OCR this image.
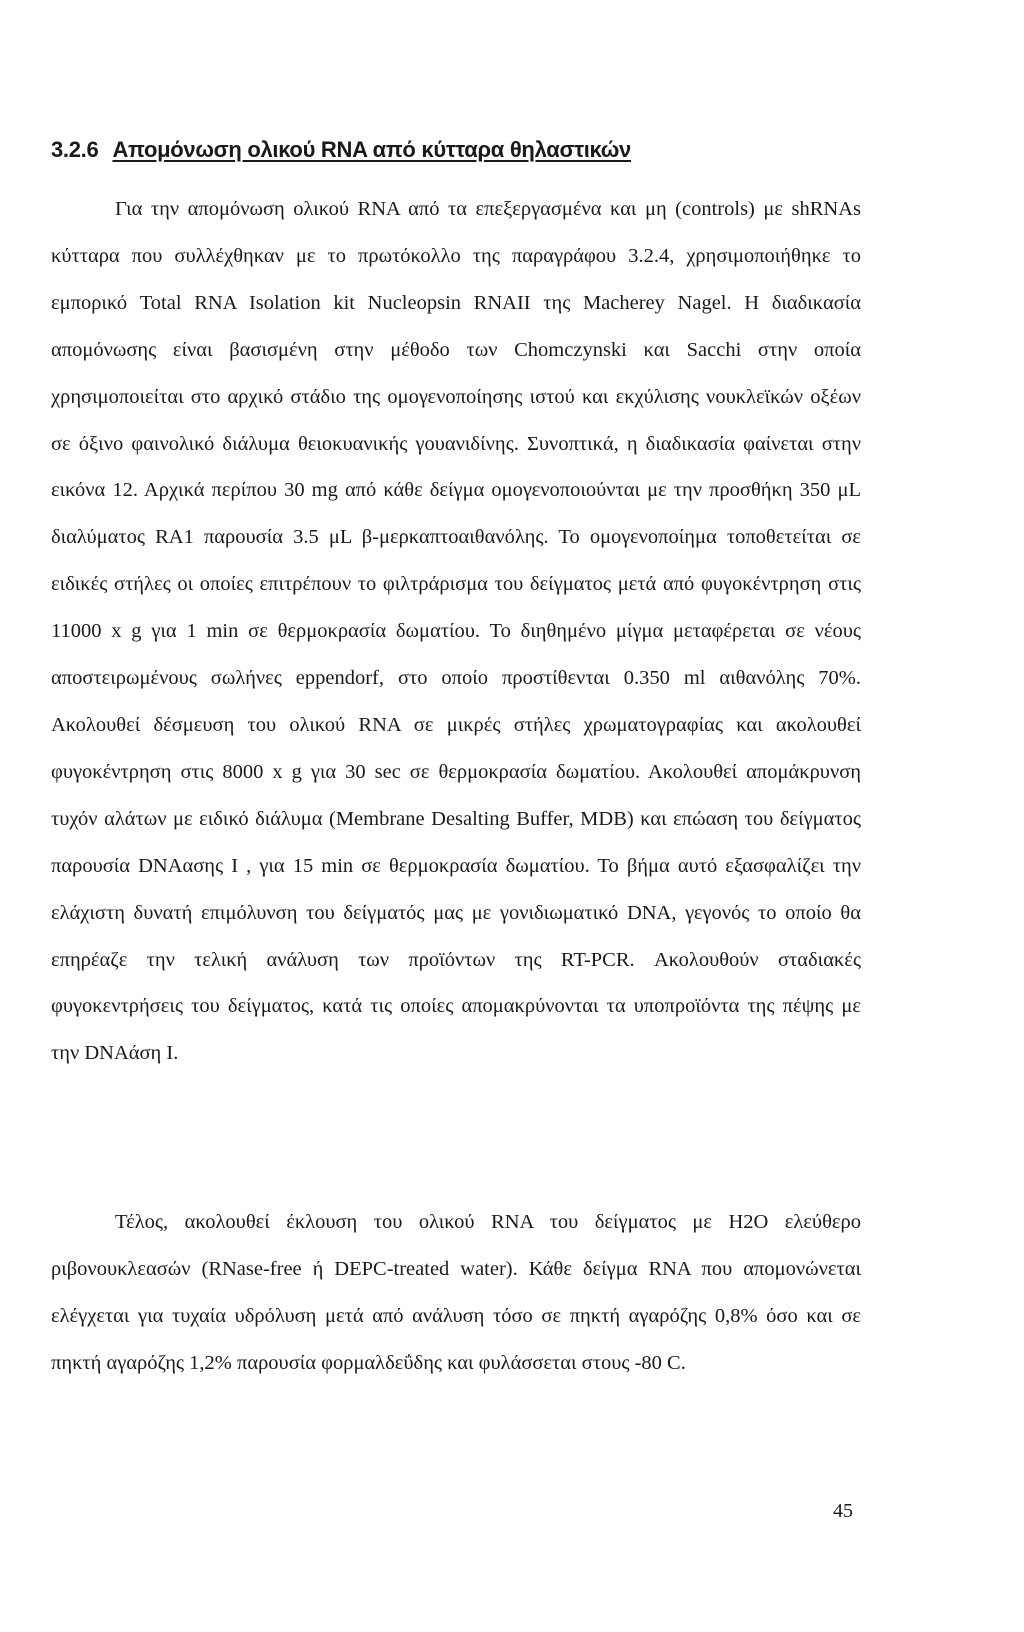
3.2.6 Απομόνωση ολικού RNA από κύτταρα θηλαστικών

Για την απομόνωση ολικού RNA από τα επεξεργασμένα και μη (controls) με shRNAs κύτταρα που συλλέχθηκαν με το πρωτόκολλο της παραγράφου 3.2.4, χρησιμοποιήθηκε το εμπορικό Total RNA Isolation kit Nucleopsin RNAII της Macherey Nagel. Η διαδικασία απομόνωσης είναι βασισμένη στην μέθοδο των Chomczynski και Sacchi στην οποία χρησιμοποιείται στο αρχικό στάδιο της ομογενοποίησης ιστού και εκχύλισης νουκλεϊκών οξέων σε όξινο φαινολικό διάλυμα θειοκυανικής γουανιδίνης. Συνοπτικά, η διαδικασία φαίνεται στην εικόνα 12. Αρχικά περίπου 30 mg από κάθε δείγμα ομογενοποιούνται με την προσθήκη 350 μL διαλύματος RA1 παρουσία 3.5 μL β-μερκαπτοαιθανόλης. Το ομογενοποίημα τοποθετείται σε ειδικές στήλες οι οποίες επιτρέπουν το φιλτράρισμα του δείγματος μετά από φυγοκέντρηση στις 11000 x g για 1 min σε θερμοκρασία δωματίου. Το διηθημένο μίγμα μεταφέρεται σε νέους αποστειρωμένους σωλήνες eppendorf, στο οποίο προστίθενται 0.350 ml αιθανόλης 70%. Ακολουθεί δέσμευση του ολικού RNA σε μικρές στήλες χρωματογραφίας και ακολουθεί φυγοκέντρηση στις 8000 x g για 30 sec σε θερμοκρασία δωματίου. Ακολουθεί απομάκρυνση τυχόν αλάτων με ειδικό διάλυμα (Membrane Desalting Buffer, MDB) και επώαση του δείγματος παρουσία DNAασης I , για 15 min σε θερμοκρασία δωματίου. Το βήμα αυτό εξασφαλίζει την ελάχιστη δυνατή επιμόλυνση του δείγματός μας με γονιδιωματικό DNA, γεγονός το οποίο θα επηρέαζε την τελική ανάλυση των προϊόντων της RT-PCR. Ακολουθούν σταδιακές φυγοκεντρήσεις του δείγματος, κατά τις οποίες απομακρύνονται τα υποπροϊόντα της πέψης με την DNAάση I.

Τέλος, ακολουθεί έκλουση του ολικού RNA του δείγματος με H2O ελεύθερο ριβονουκλεασών (RNase-free ή DEPC-treated water). Κάθε δείγμα RNA που απομονώνεται ελέγχεται για τυχαία υδρόλυση μετά από ανάλυση τόσο σε πηκτή αγαρόζης 0,8% όσο και σε πηκτή αγαρόζης 1,2% παρουσία φορμαλδεΰδης και φυλάσσεται στους -80 C.

45
